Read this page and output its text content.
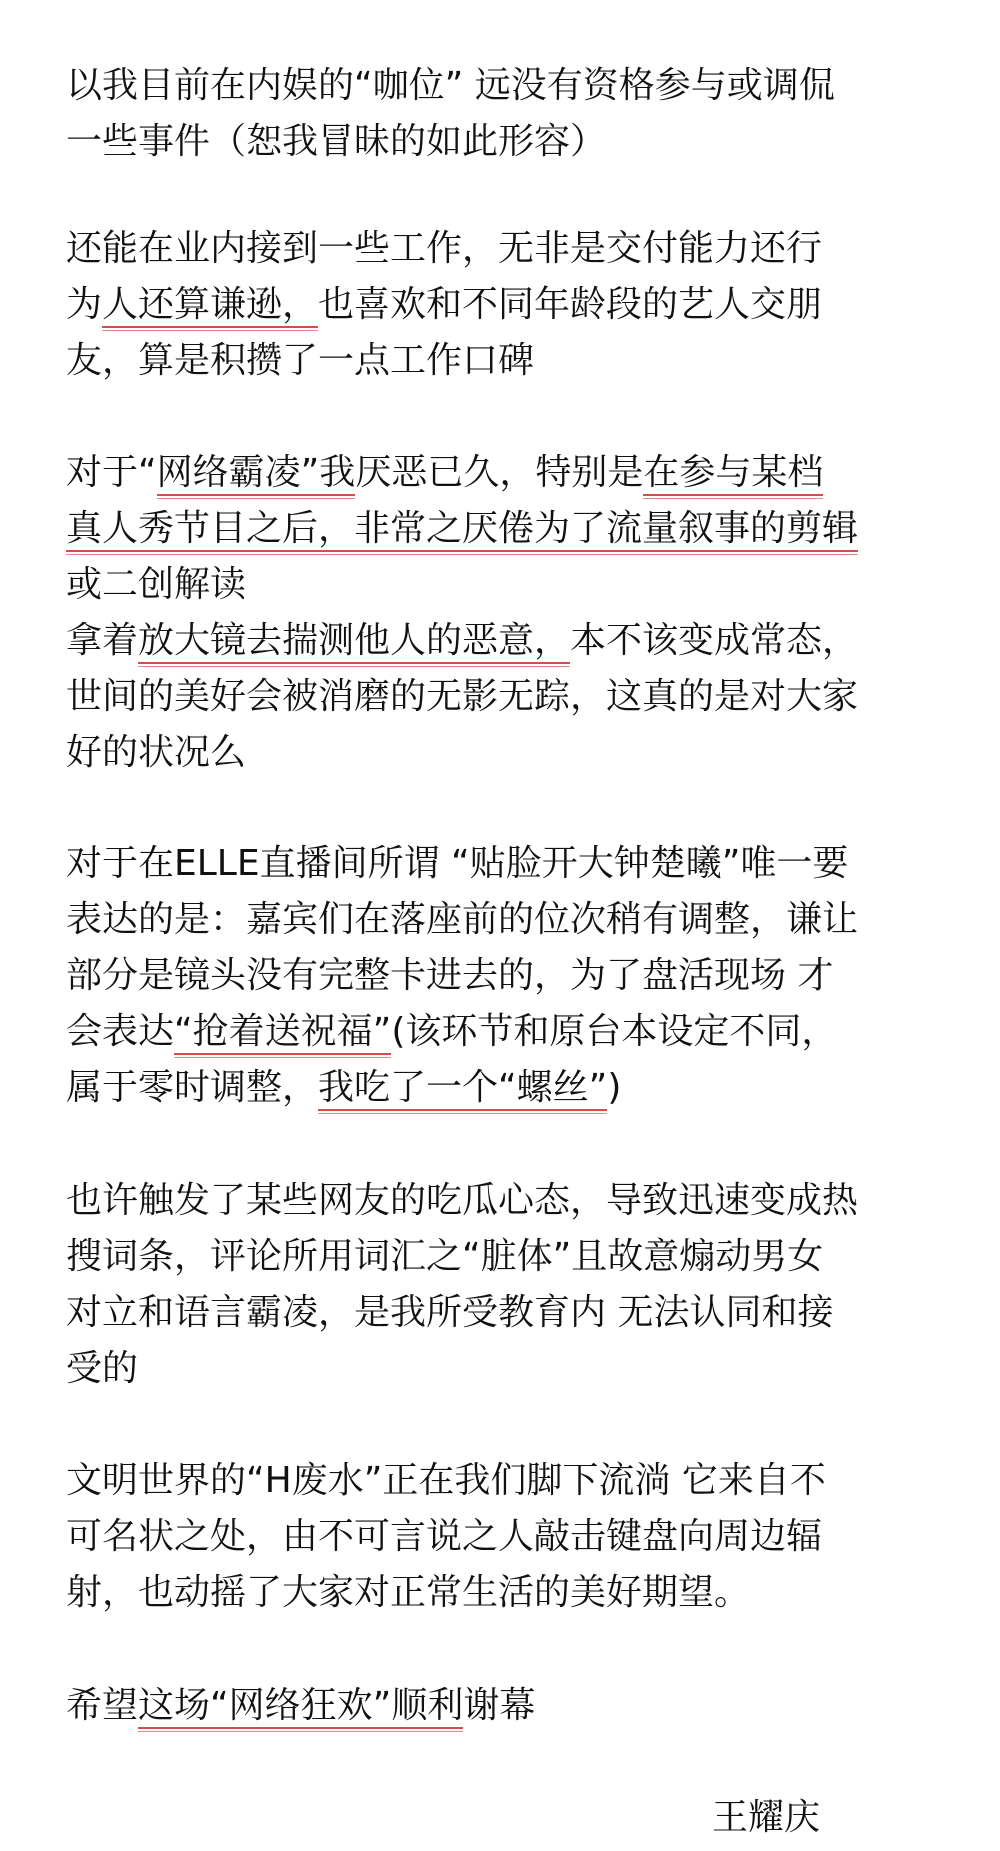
以我目前在内娱的“咖位” 远没有资格参与或调侃
一些事件（恕我冒昧的如此形容）
还能在业内接到一些工作，无非是交付能力还行
为人还算谦逊，也喜欢和不同年龄段的艺人交朋
友，算是积攒了一点工作口碑
对于“网络霸凌”我厌恶已久，特别是在参与某档
真人秀节目之后，非常之厌倦为了流量叙事的剪辑
或二创解读
拿着放大镜去揣测他人的恶意，本不该变成常态，
世间的美好会被消磨的无影无踪，这真的是对大家
好的状况么
对于在ELLE直播间所谓 “贴脸开大钟楚曦”唯一要
表达的是：嘉宾们在落座前的位次稍有调整，谦让
部分是镜头没有完整卡进去的，为了盘活现场 才
会表达“抢着送祝福”(该环节和原台本设定不同，
属于零时调整，我吃了一个“螺丝”)
也许触发了某些网友的吃瓜心态，导致迅速变成热
搜词条，评论所用词汇之“脏体”且故意煽动男女
对立和语言霸凌，是我所受教育内 无法认同和接
受的
文明世界的“H废水”正在我们脚下流淌 它来自不
可名状之处，由不可言说之人敲击键盘向周边辐
射，也动摇了大家对正常生活的美好期望。
希望这场“网络狂欢”顺利谢幕
王耀庆
